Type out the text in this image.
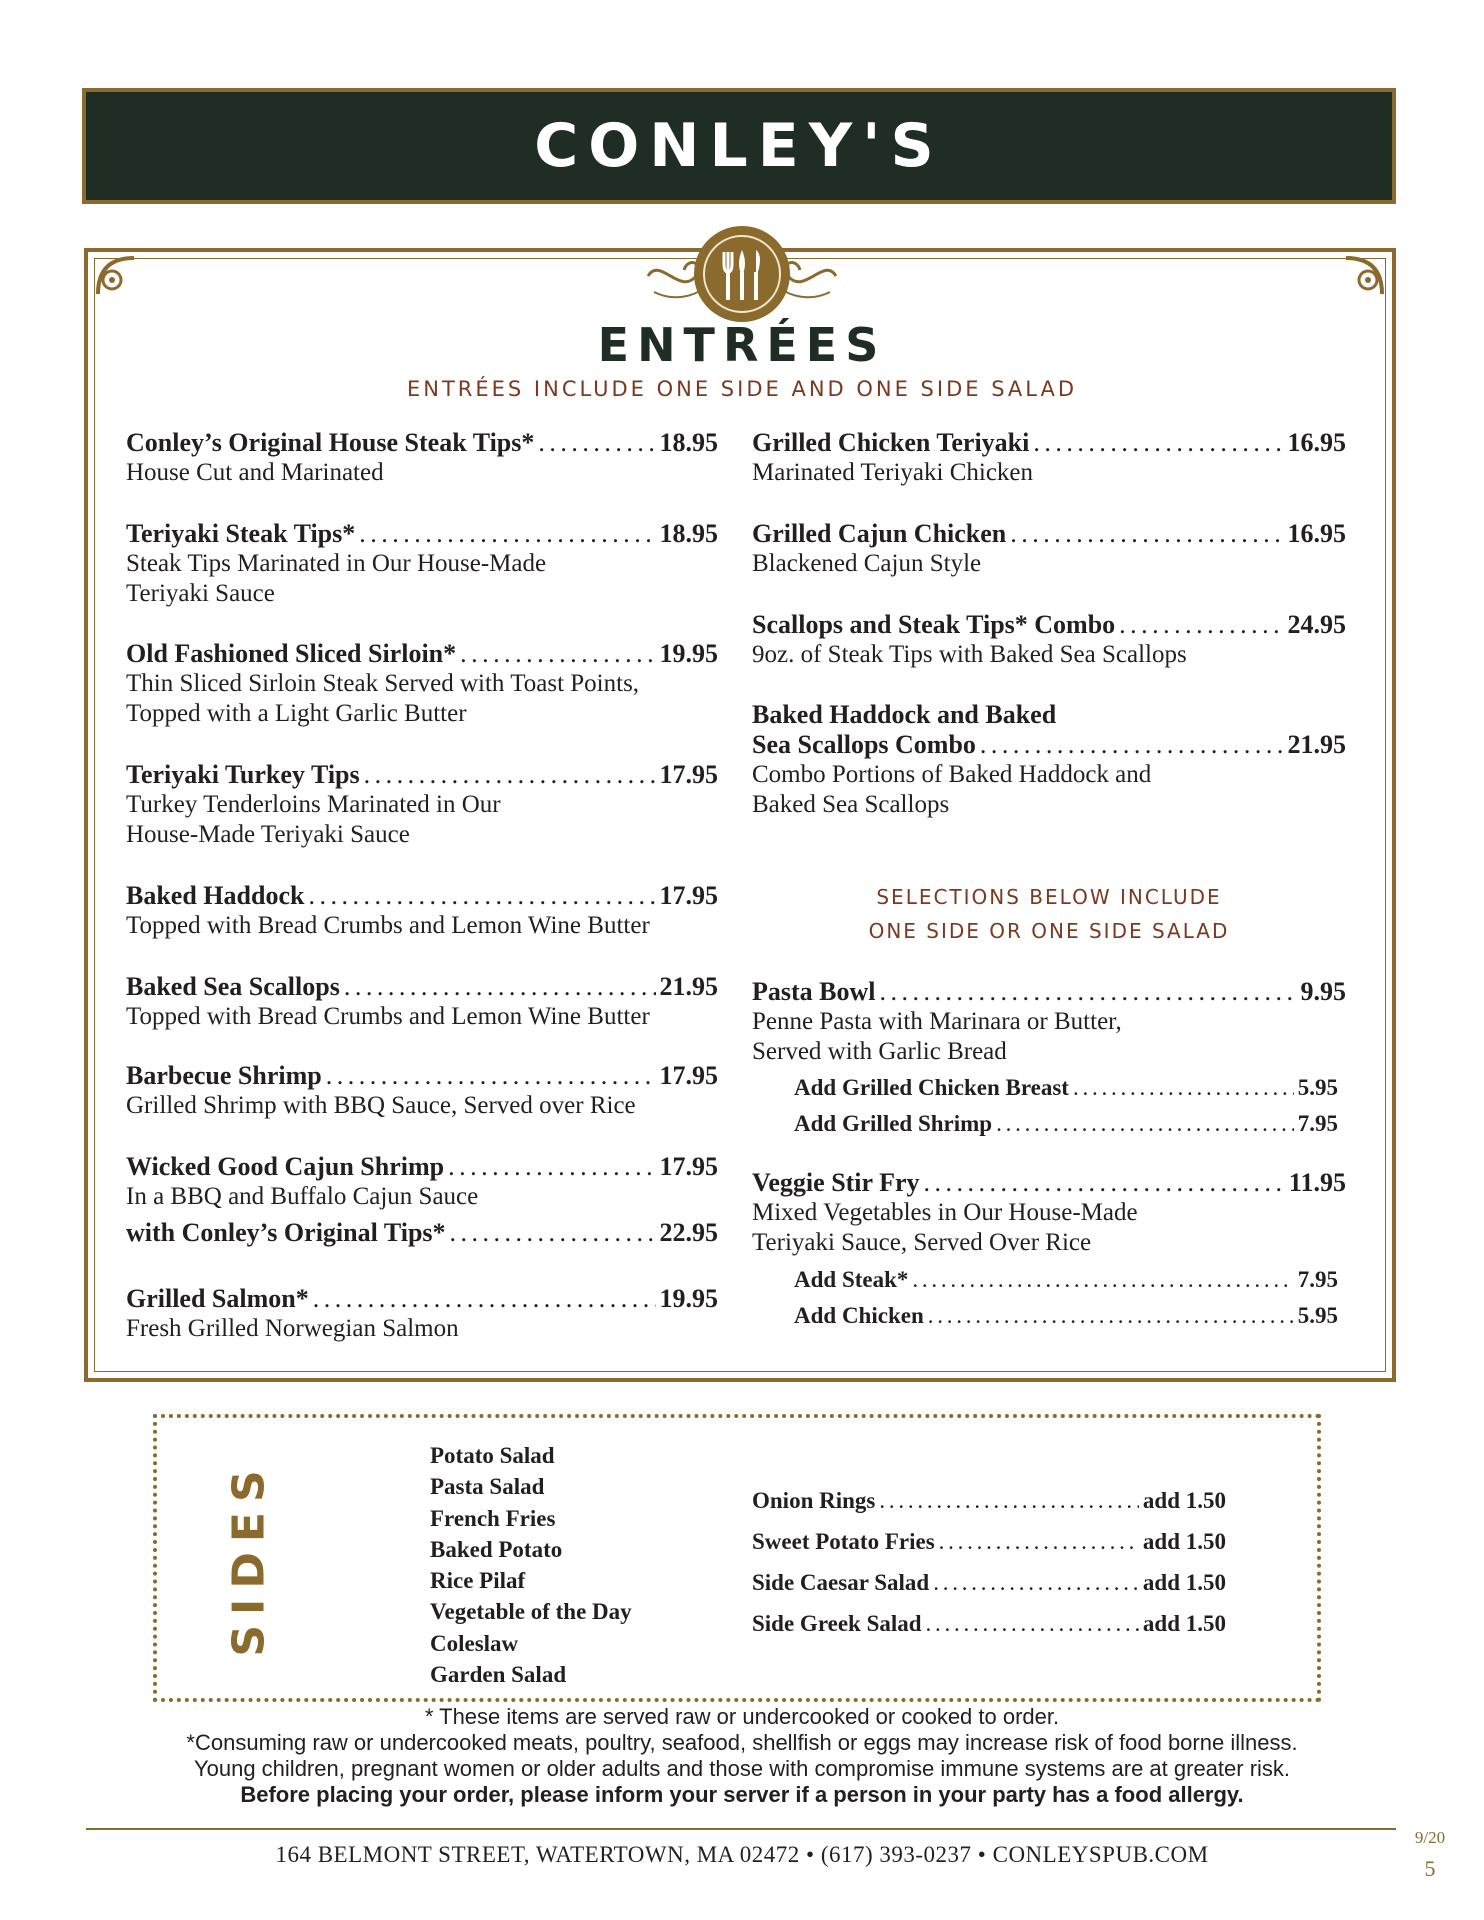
CONLEY'S
ENTRÉES
ENTRÉES INCLUDE ONE SIDE AND ONE SIDE SALAD
Conley’s Original House Steak Tips* . . .	18.95
House Cut and Marinated
Teriyaki Steak Tips* . . .	18.95
Steak Tips Marinated in Our House-Made
Teriyaki Sauce
Old Fashioned Sliced Sirloin* . . .	19.95
Thin Sliced Sirloin Steak Served with Toast Points,
Topped with a Light Garlic Butter
Teriyaki Turkey Tips . . .	17.95
Turkey Tenderloins Marinated in Our
House-Made Teriyaki Sauce
Baked Haddock . . .	17.95
Topped with Bread Crumbs and Lemon Wine Butter
Baked Sea Scallops . . .	21.95
Topped with Bread Crumbs and Lemon Wine Butter
Barbecue Shrimp . . .	17.95
Grilled Shrimp with BBQ Sauce, Served over Rice
Wicked Good Cajun Shrimp . . .	17.95
In a BBQ and Buffalo Cajun Sauce
with Conley’s Original Tips* . . .	22.95
Grilled Salmon* . . .	19.95
Fresh Grilled Norwegian Salmon
Grilled Chicken Teriyaki . . .	16.95
Marinated Teriyaki Chicken
Grilled Cajun Chicken . . .	16.95
Blackened Cajun Style
Scallops and Steak Tips* Combo . . .	24.95
9oz. of Steak Tips with Baked Sea Scallops
Baked Haddock and Baked
Sea Scallops Combo . . .	21.95
Combo Portions of Baked Haddock and
Baked Sea Scallops
SELECTIONS BELOW INCLUDE
ONE SIDE OR ONE SIDE SALAD
Pasta Bowl . . .	9.95
Penne Pasta with Marinara or Butter,
Served with Garlic Bread
Add Grilled Chicken Breast . . .	5.95
Add Grilled Shrimp . . .	7.95
Veggie Stir Fry . . .	11.95
Mixed Vegetables in Our House-Made
Teriyaki Sauce, Served Over Rice
Add Steak* . . .	7.95
Add Chicken . . .	5.95
SIDES
Potato Salad
Pasta Salad
French Fries
Baked Potato
Rice Pilaf
Vegetable of the Day
Coleslaw
Garden Salad
Onion Rings . . .	add 1.50
Sweet Potato Fries . . .	add 1.50
Side Caesar Salad . . .	add 1.50
Side Greek Salad . . .	add 1.50
* These items are served raw or undercooked or cooked to order.
*Consuming raw or undercooked meats, poultry, seafood, shellfish or eggs may increase risk of food borne illness.
Young children, pregnant women or older adults and those with compromise immune systems are at greater risk.
Before placing your order, please inform your server if a person in your party has a food allergy.
164 BELMONT STREET, WATERTOWN, MA 02472 • (617) 393-0237 • CONLEYSPUB.COM
9/20
5
